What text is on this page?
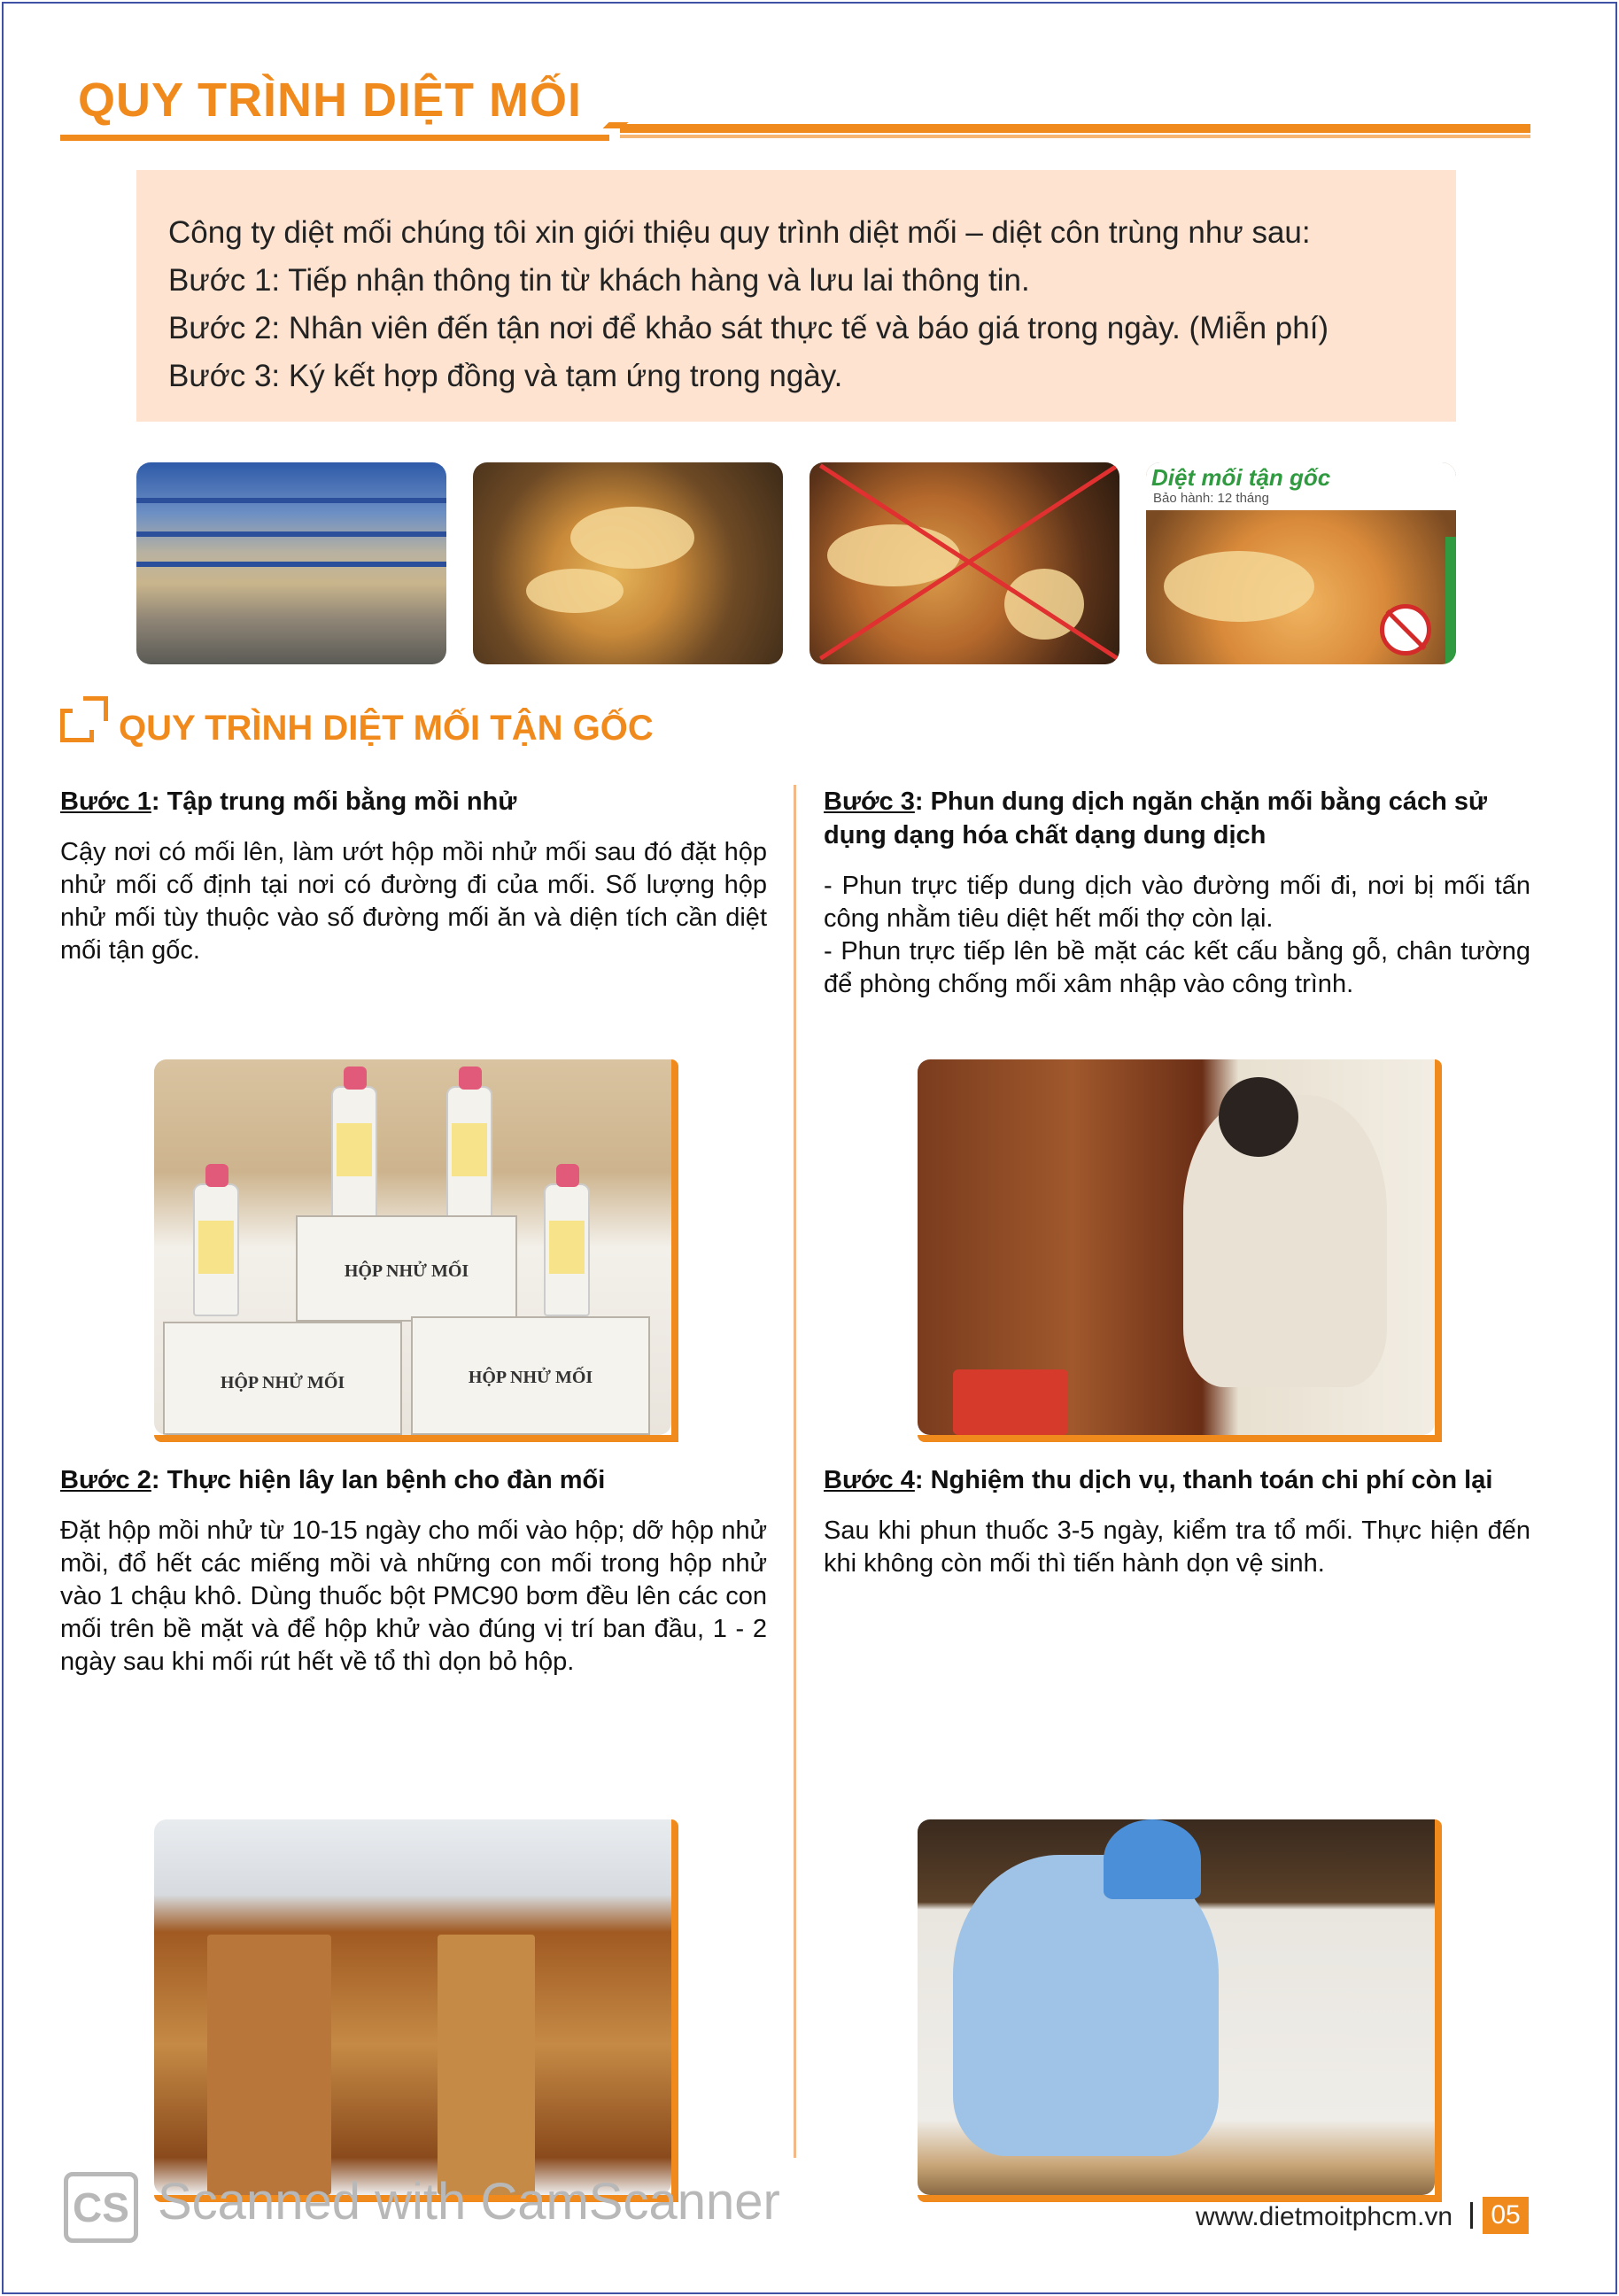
QUY TRÌNH DIỆT MỐI

Công ty diệt mối chúng tôi xin giới thiệu quy trình diệt mối – diệt côn trùng như sau:

Bước 1: Tiếp nhận thông tin từ khách hàng và lưu lai thông tin.

Bước 2: Nhân viên đến tận nơi để khảo sát thực tế và báo giá trong ngày. (Miễn phí)

Bước 3: Ký kết hợp đồng và tạm ứng trong ngày.

Diệt mối tận gốc
Bảo hành: 12 tháng
QUY TRÌNH DIỆT MỐI TẬN GỐC
Bước 1: Tập trung mối bằng mồi nhử
Cậy nơi có mối lên, làm ướt hộp mồi nhử mối sau đó đặt hộp nhử mối cố định tại nơi có đường đi của mối. Số lượng hộp nhử mối tùy thuộc vào số đường mối ăn và diện tích cần diệt mối tận gốc.
Bước 3: Phun dung dịch ngăn chặn mối bằng cách sử dụng dạng hóa chất dạng dung dịch
- Phun trực tiếp dung dịch vào đường mối đi, nơi bị mối tấn công nhằm tiêu diệt hết mối thợ còn lại.
- Phun trực tiếp lên bề mặt các kết cấu bằng gỗ, chân tường để phòng chống mối xâm nhập vào công trình.
HỘP NHỬ MỐI
HỘP NHỬ MỐI	HỘP NHỬ MỐI
Bước 2: Thực hiện lây lan bệnh cho đàn mối
Đặt hộp mồi nhử từ 10-15 ngày cho mối vào hộp; dỡ hộp nhử mồi, đổ hết các miếng mồi và những con mối trong hộp nhử vào 1 chậu khô. Dùng thuốc bột PMC90 bơm đều lên các con mối trên bề mặt và để hộp khử vào đúng vị trí ban đầu, 1 - 2 ngày sau khi mối rút hết về tổ thì dọn bỏ hộp.
Bước 4: Nghiệm thu dịch vụ, thanh toán chi phí còn lại
Sau khi phun thuốc 3-5 ngày, kiểm tra tổ mối. Thực hiện đến khi không còn mối thì tiến hành dọn vệ sinh.
CS Scanned with CamScanner	www.dietmoitphcm.vn	05
